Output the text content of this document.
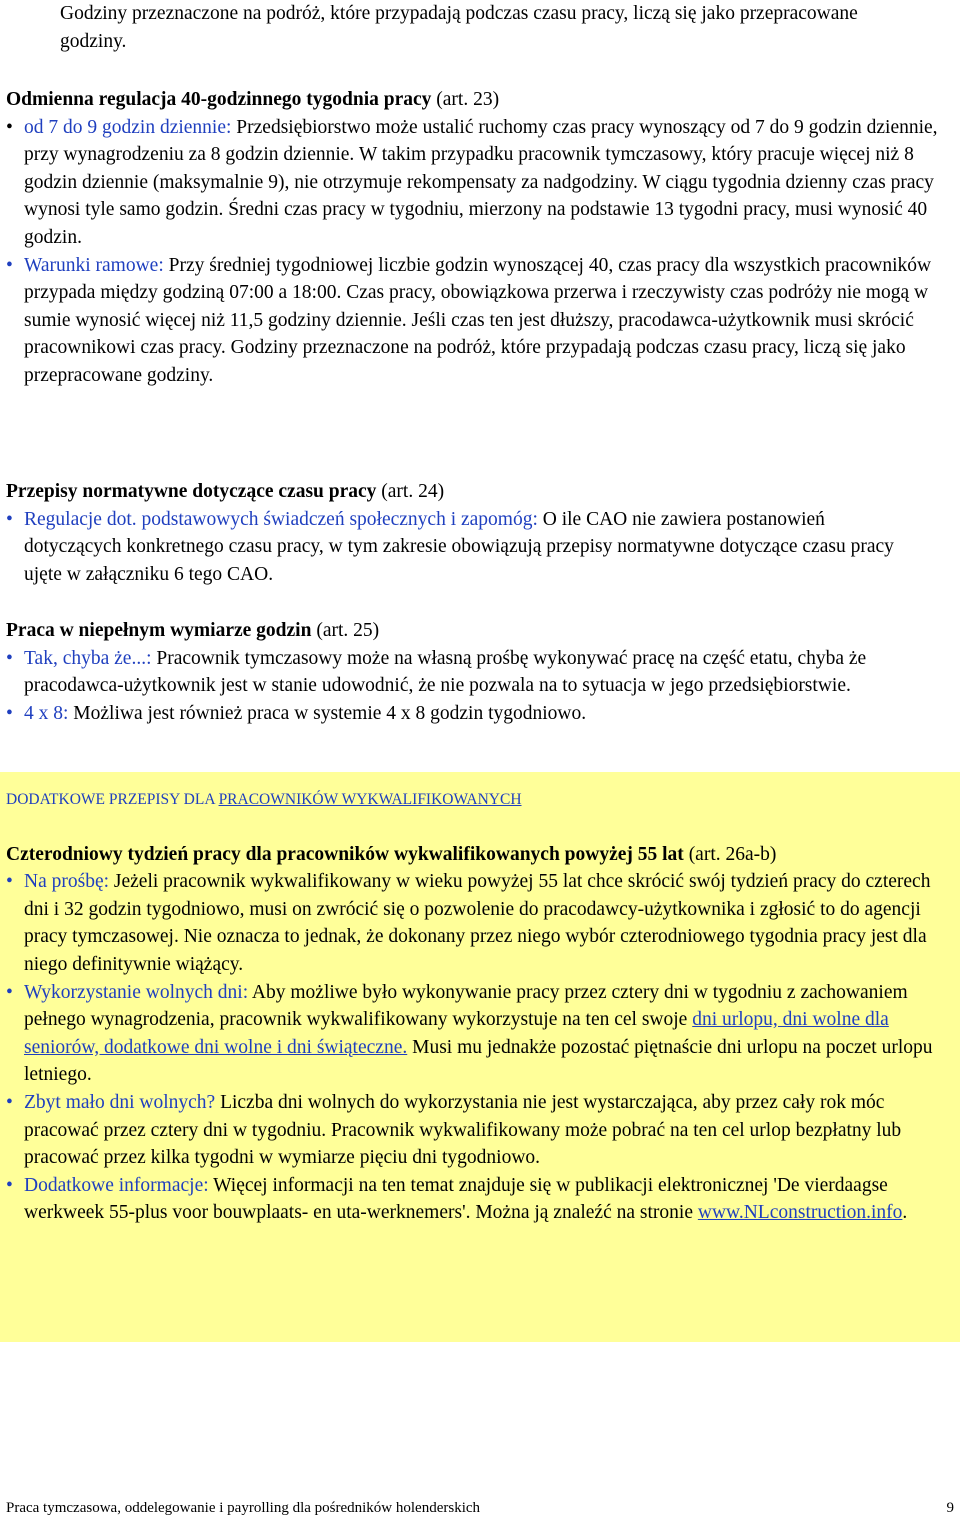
Godziny przeznaczone na podróż, które przypadają podczas czasu pracy, liczą się jako przepracowane godziny.

Odmienna regulacja 40-godzinnego tygodnia pracy (art. 23)

• od 7 do 9 godzin dziennie: Przedsiębiorstwo może ustalić ruchomy czas pracy wynoszący od 7 do 9 godzin dziennie, przy wynagrodzeniu za 8 godzin dziennie. W takim przypadku pracownik tymczasowy, który pracuje więcej niż 8 godzin dziennie (maksymalnie 9), nie otrzymuje rekompensaty za nadgodziny. W ciągu tygodnia dzienny czas pracy wynosi tyle samo godzin. Średni czas pracy w tygodniu, mierzony na podstawie 13 tygodni pracy, musi wynosić 40 godzin.
• Warunki ramowe: Przy średniej tygodniowej liczbie godzin wynoszącej 40, czas pracy dla wszystkich pracowników przypada między godziną 07:00 a 18:00. Czas pracy, obowiązkowa przerwa i rzeczywisty czas podróży nie mogą w sumie wynosić więcej niż 11,5 godziny dziennie. Jeśli czas ten jest dłuższy, pracodawca-użytkownik musi skrócić pracownikowi czas pracy. Godziny przeznaczone na podróż, które przypadają podczas czasu pracy, liczą się jako przepracowane godziny.

Przepisy normatywne dotyczące czasu pracy (art. 24)

• Regulacje dot. podstawowych świadczeń społecznych i zapomóg: O ile CAO nie zawiera postanowień dotyczących konkretnego czasu pracy, w tym zakresie obowiązują przepisy normatywne dotyczące czasu pracy ujęte w załączniku 6 tego CAO.

Praca w niepełnym wymiarze godzin (art. 25)

• Tak, chyba że...: Pracownik tymczasowy może na własną prośbę wykonywać pracę na część etatu, chyba że pracodawca-użytkownik jest w stanie udowodnić, że nie pozwala na to sytuacja w jego przedsiębiorstwie.
• 4 x 8: Możliwa jest również praca w systemie 4 x 8 godzin tygodniowo.

DODATKOWE PRZEPISY DLA PRACOWNIKÓW WYKWALIFIKOWANYCH

Czterodniowy tydzień pracy dla pracowników wykwalifikowanych powyżej 55 lat (art. 26a-b)

• Na prośbę: Jeżeli pracownik wykwalifikowany w wieku powyżej 55 lat chce skrócić swój tydzień pracy do czterech dni i 32 godzin tygodniowo, musi on zwrócić się o pozwolenie do pracodawcy-użytkownika i zgłosić to do agencji pracy tymczasowej. Nie oznacza to jednak, że dokonany przez niego wybór czterodniowego tygodnia pracy jest dla niego definitywnie wiążący.
• Wykorzystanie wolnych dni: Aby możliwe było wykonywanie pracy przez cztery dni w tygodniu z zachowaniem pełnego wynagrodzenia, pracownik wykwalifikowany wykorzystuje na ten cel swoje dni urlopu, dni wolne dla seniorów, dodatkowe dni wolne i dni świąteczne. Musi mu jednakże pozostać piętnaście dni urlopu na poczet urlopu letniego.
• Zbyt mało dni wolnych? Liczba dni wolnych do wykorzystania nie jest wystarczająca, aby przez cały rok móc pracować przez cztery dni w tygodniu. Pracownik wykwalifikowany może pobrać na ten cel urlop bezpłatny lub pracować przez kilka tygodni w wymiarze pięciu dni tygodniowo.
• Dodatkowe informacje: Więcej informacji na ten temat znajduje się w publikacji elektronicznej 'De vierdaagse werkweek 55-plus voor bouwplaats- en uta-werknemers'. Można ją znaleźć na stronie www.NLconstruction.info.
Praca tymczasowa, oddelegowanie i payrolling dla pośredników holenderskich	9
